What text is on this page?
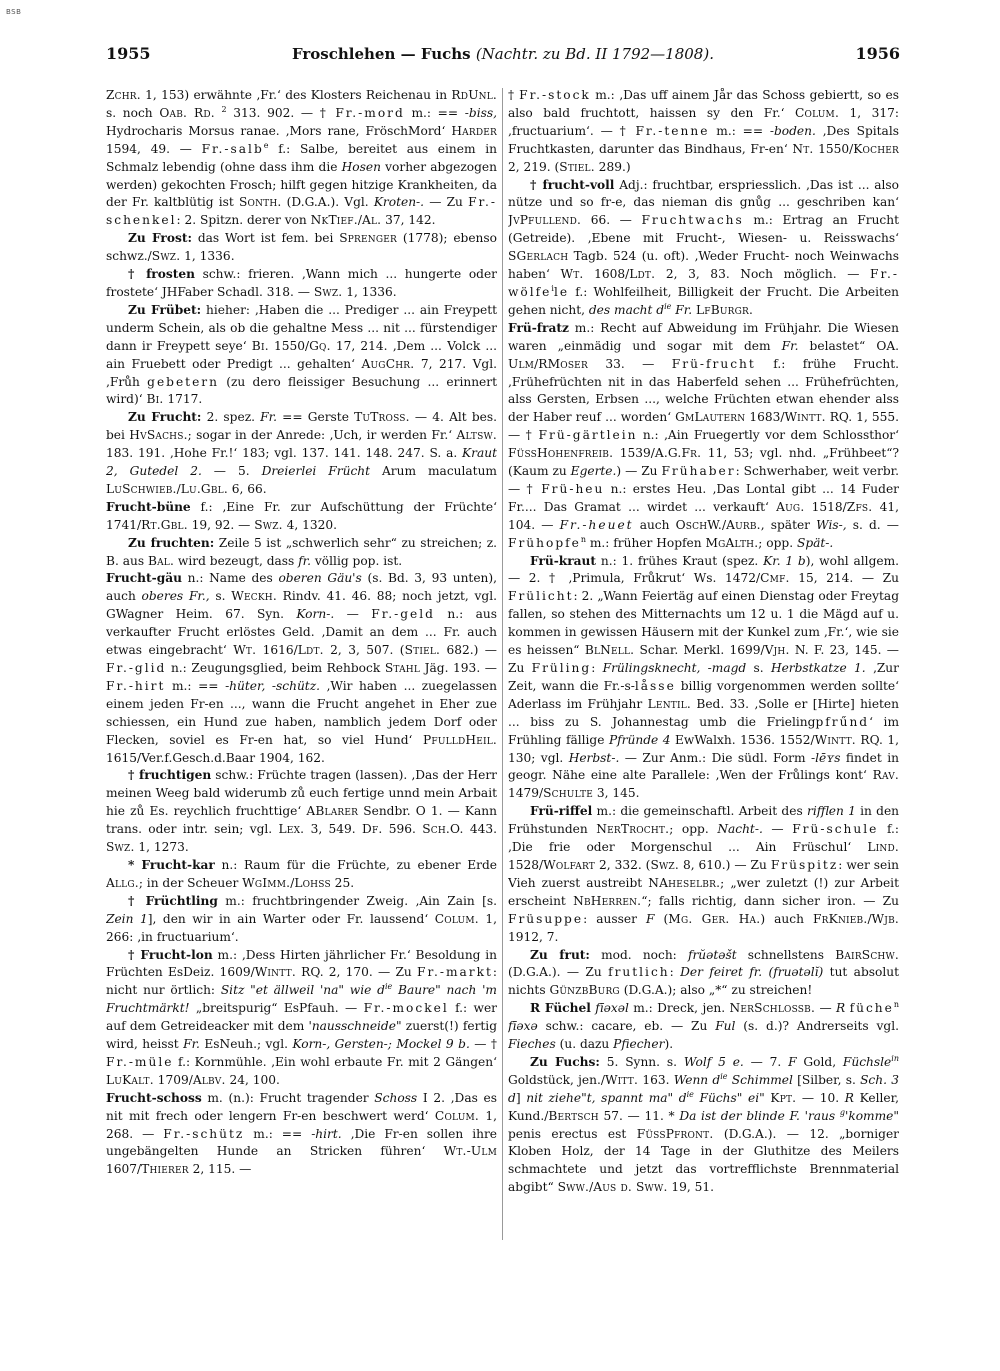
BSB
1955	Froschlehen — Fuchs (Nachtr. zu Bd. II 1792—1808).	1956

Zchr. 1, 153) erwähnte ‚Fr.‘ des Klosters Reichenau in RdUnl. s. noch Oab. Rd. $^2$ 313. 902. — † Fr.-mord m.: == -biss, Hydrocharis Morsus ranae. ‚Mors rane, FröschMord‘ Harder 1594, 49. — Fr.-salb$^e$ f.: Salbe, bereitet aus einem in Schmalz lebendig (ohne dass ihm die Hosen vorher abgezogen werden) gekochten Frosch; hilft gegen hitzige Krankheiten, da der Fr. kaltblütig ist Sonth. (D.G.A.). Vgl. Kroten-. — Zu Fr.-schenkel: 2. Spitzn. derer von NkTief./Al. 37, 142.

Zu Frost: das Wort ist fem. bei Sprenger (1778); ebenso schwz./Swz. 1, 1336.

† frosten schw.: frieren. ‚Wann mich ... hungerte oder frostete‘ JHFaber Schadl. 318. — Swz. 1, 1336.

Zu Frübet: hieher: ‚Haben die ... Prediger ... ain Freypett underm Schein, als ob die gehaltne Mess ... nit ... fürstendiger dann ir Freypett seye‘ Bi. 1550/Gq. 17, 214. ‚Dem ... Volck ... ain Fruebett oder Predigt ... gehalten‘ AugChr. 7, 217. Vgl. ‚Frůh gebetern (zu dero fleissiger Besuchung ... erinnert wird)‘ Bi. 1717.

Zu Frucht: 2. spez. Fr. == Gerste TuTross. — 4. Alt bes. bei HvSachs.; sogar in der Anrede: ‚Uch, ir werden Fr.‘ Altsw. 183. 191. ‚Hohe Fr.!‘ 183; vgl. 137. 141. 148. 247. S. a. Kraut 2, Gutedel 2. — 5. Dreierlei Frücht Arum maculatum LuSchwieb./Lu.Gbl. 6, 66.

Frucht-büne f.: ‚Eine Fr. zur Aufschüttung der Früchte‘ 1741/Rt.Gbl. 19, 92. — Swz. 4, 1320.

Zu fruchten: Zeile 5 ist „schwerlich sehr“ zu streichen; z. B. aus Bal. wird bezeugt, dass fr. völlig pop. ist.

Frucht-gäu n.: Name des oberen Gäu's (s. Bd. 3, 93 unten), auch oberes Fr., s. Weckh. Rindv. 41. 46. 88; noch jetzt, vgl. GWagner Heim. 67. Syn. Korn-. — Fr.-geld n.: aus verkaufter Frucht erlöstes Geld. ‚Damit an dem ... Fr. auch etwas eingebracht‘ Wt. 1616/Ldt. 2, 3, 507. (Stiel. 682.) — Fr.-glid n.: Zeugungsglied, beim Rehbock Stahl Jäg. 193. — Fr.-hirt m.: == -hüter, -schütz. ‚Wir haben ... zuegelassen einem jeden Fr-en ..., wann die Frucht angehet in Eher zue schiessen, ein Hund zue haben, namblich jedem Dorf oder Flecken, soviel es Fr-en hat, so viel Hund‘ PfulldHeil. 1615/Ver.f.Gesch.d.Baar 1904, 162.

† fruchtigen schw.: Früchte tragen (lassen). ‚Das der Herr meinen Weeg bald widerumb zů euch fertige unnd mein Arbait hie zů Es. reychlich fruchttige‘ ABlarer Sendbr. O 1. — Kann trans. oder intr. sein; vgl. Lex. 3, 549. Df. 596. Sch.O. 443. Swz. 1, 1273.

* Frucht-kar n.: Raum für die Früchte, zu ebener Erde Allg.; in der Scheuer WgImm./Lohss 25.

† Früchtling m.: fruchtbringender Zweig. ‚Ain Zain [s. Zein 1], den wir in ain Warter oder Fr. laussend‘ Colum. 1, 266: ‚in fructuarium‘.

† Frucht-lon m.: ‚Dess Hirten jährlicher Fr.‘ Besoldung in Früchten EsDeiz. 1609/Wintt. RQ. 2, 170. — Zu Fr.-markt: nicht nur örtlich: Sitz "et ällweil 'na" wie $d^{ie}$ Baure" nach 'm Fruchtmärkt! „breitspurig“ EsPfauh. — Fr.-mockel f.: wer auf dem Getreideacker mit dem 'nausschneide" zuerst(!) fertig wird, heisst Fr. EsNeuh.; vgl. Korn-, Gersten-; Mockel 9 b. — † Fr.-müle f.: Kornmühle. ‚Ein wohl erbaute Fr. mit 2 Gängen‘ LuKalt. 1709/Albv. 24, 100.

Frucht-schoss m. (n.): Frucht tragender Schoss I 2. ‚Das es nit mit frech oder lengern Fr-en beschwert werd‘ Colum. 1, 268. — Fr.-schütz m.: == -hirt. ‚Die Fr-en sollen ihre ungebängelten Hunde an Stricken führen‘ Wt.-Ulm 1607/Thierer 2, 115. —

† Fr.-stock m.: ‚Das uff ainem Jår das Schoss gebiertt, so es also bald fruchtott, haissen sy den Fr.‘ Colum. 1, 317: ‚fructuarium‘. — † Fr.-tenne m.: == -boden. ‚Des Spitals Fruchtkasten, darunter das Bindhaus, Fr-en‘ Nt. 1550/Kocher 2, 219. (Stiel. 289.)

† frucht-voll Adj.: fruchtbar, erspriesslich. ‚Das ist ... also nütze und so fr-e, das nieman dis gnůg ... geschriben kan‘ JvPfullend. 66. — Fruchtwachs m.: Ertrag an Frucht (Getreide). ‚Ebene mit Frucht-, Wiesen- u. Reisswachs‘ SGerlach Tagb. 524 (u. oft). ‚Weder Frucht- noch Weinwachs haben‘ Wt. 1608/Ldt. 2, 3, 83. Noch möglich. — Fr.-wölfe$^i$le f.: Wohlfeilheit, Billigkeit der Frucht. Die Arbeiten gehen nicht, des macht $d^{ie}$ Fr. LfBurgr.

Frü-fratz m.: Recht auf Abweidung im Frühjahr. Die Wiesen waren „einmädig und sogar mit dem Fr. belastet“ OA. Ulm/RMoser 33. — Frü-frucht f.: frühe Frucht. ‚Frühefrüchten nit in das Haberfeld sehen ... Frühefrüchten, alss Gersten, Erbsen ..., welche Früchten etwan ehender alss der Haber reuf ... worden‘ GmLautern 1683/Wintt. RQ. 1, 555. — † Frü-gärtlein n.: ‚Ain Fruegertly vor dem Schlossthor‘ FüssHohenfreib. 1539/A.G.Fr. 11, 53; vgl. nhd. „Frühbeet“? (Kaum zu Egerte.) — Zu Früh​aber: Schwerhaber, weit verbr. — † Frü-heu n.: erstes Heu. ‚Das Lontal gibt ... 14 Fuder Fr.... Das Gramat ... wirdet ... verkauft‘ Aug. 1518/Zfs. 41, 104. — Fr.-heuet auch OschW./Aurb., später Wis-, s. d. — Frühopfe$^n$ m.: früher Hopfen MgAlth.; opp. Spät-.

Frü-kraut n.: 1. frühes Kraut (spez. Kr. 1 b), wohl allgem. — 2. † ‚Primula, Frůkrut‘ Ws. 1472/Cmf. 15, 214. — Zu Frülicht: 2. „Wann Feiertäg auf einen Dienstag oder Freytag fallen, so stehen des Mitternachts um 12 u. 1 die Mägd auf u. kommen in gewissen Häusern mit der Kunkel zum ‚Fr.‘, wie sie es heissen“ BlNell. Schar. Merkl. 1699/Vjh. N. F. 23, 145. — Zu Früling: Frülingsknecht, -magd s. Herbstkatze 1. ‚Zur Zeit, wann die Fr.-s-låsse billig vorgenommen werden sollte‘ Aderlass im Frühjahr Lentil. Bed. 33. ‚Solle er [Hirte] hieten ... biss zu S. Johannestag umb die Frielingpfrűnd‘ im Frühling fällige Pfründe 4 EwWalxh. 1536. 1552/Wintt. RQ. 1, 130; vgl. Herbst-. — Zur Anm.: Die südl. Form -lēʏs findet in geogr. Nähe eine alte Parallele: ‚Wen der Frůlings kont‘ Rav. 1479/Schulte 3, 145.

Frü-riffel m.: die gemeinschaftl. Arbeit des rifflen 1 in den Frühstunden NerTrocht.; opp. Nacht-. — Frü-schule f.: ‚Die frie oder Morgenschul ... Ain Früschul‘ Lind. 1528/Wolfart 2, 332. (Swz. 8, 610.) — Zu Früspitz: wer sein Vieh zuerst austreibt NAheselbr.; „wer zuletzt (!) zur Arbeit erscheint NbHerren.“; falls richtig, dann sicher iron. — Zu Früsuppe: ausser F (Mg. Ger. Ha.) auch FrKnieb./Wjb. 1912, 7.

Zu frut: mod. noch: frŭǝtǝšt schnellstens BairSchw. (D.G.A.). — Zu frutlich: Der feiret fr. (fruǝtǝlĭ) tut absolut nichts GünzbBurg (D.G.A.); also „*“ zu streichen!

R Füchel fīǝxǝl m.: Dreck, jen. NerSchlossb. — R füche$^n$ fīǝxǝ schw.: cacare, eb. — Zu Ful (s. d.)? Andrerseits vgl. Fieches (u. dazu Pfiecher).

Zu Fuchs: 5. Synn. s. Wolf 5 e. — 7. F Gold, Füchsle$^{in}$ Goldstück, jen./Witt. 163. Wenn $d^{ie}$ Schimmel [Silber, s. Sch. 3 d] nit ziehe"t, spannt ma" $d^{ie}$ Füchs" ei" Kpt. — 10. R Keller, Kund./Bertsch 57. — 11. * Da ist der blinde F. 'raus $^g$'komme" penis erectus est FüssPfront. (D.G.A.). — 12. „borniger Kloben Holz, der 14 Tage in der Gluthitze des Meilers schmachtete und jetzt das vortrefflichste Brennmaterial abgibt“ Sww./Aus d. Sww. 19, 51.
